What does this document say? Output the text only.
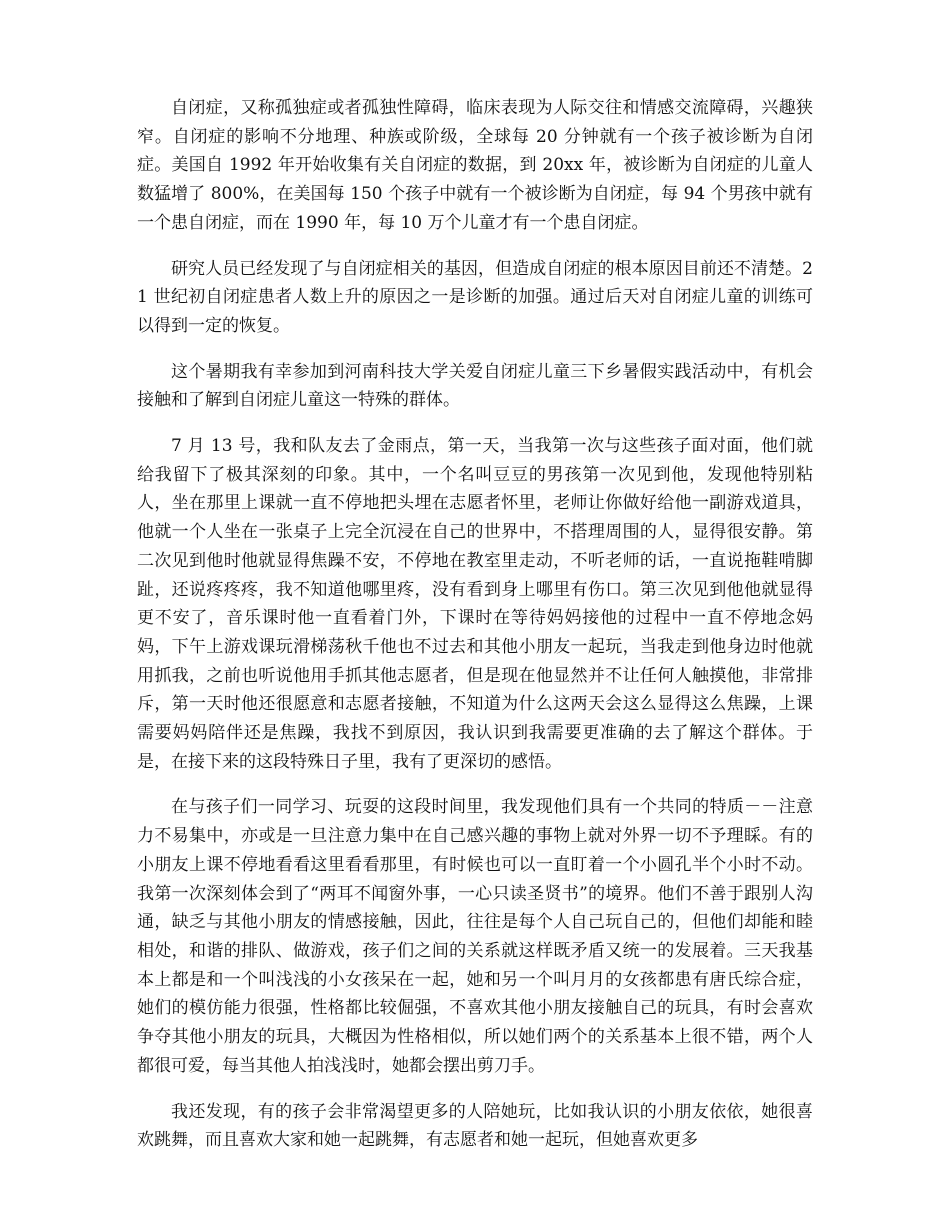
自闭症，又称孤独症或者孤独性障碍，临床表现为人际交往和情感交流障碍，兴趣狭窄。自闭症的影响不分地理、种族或阶级，全球每 20 分钟就有一个孩子被诊断为自闭症。美国自 1992 年开始收集有关自闭症的数据，到 20xx 年，被诊断为自闭症的儿童人数猛增了 800%，在美国每 150 个孩子中就有一个被诊断为自闭症，每 94 个男孩中就有一个患自闭症，而在 1990 年，每 10 万个儿童才有一个患自闭症。

研究人员已经发现了与自闭症相关的基因，但造成自闭症的根本原因目前还不清楚。21 世纪初自闭症患者人数上升的原因之一是诊断的加强。通过后天对自闭症儿童的训练可以得到一定的恢复。

这个暑期我有幸参加到河南科技大学关爱自闭症儿童三下乡暑假实践活动中，有机会接触和了解到自闭症儿童这一特殊的群体。

7 月 13 号，我和队友去了金雨点，第一天，当我第一次与这些孩子面对面，他们就给我留下了极其深刻的印象。其中，一个名叫豆豆的男孩第一次见到他，发现他特别粘人，坐在那里上课就一直不停地把头埋在志愿者怀里，老师让你做好给他一副游戏道具，他就一个人坐在一张桌子上完全沉浸在自己的世界中，不搭理周围的人，显得很安静。第二次见到他时他就显得焦躁不安，不停地在教室里走动，不听老师的话，一直说拖鞋啃脚趾，还说疼疼疼，我不知道他哪里疼，没有看到身上哪里有伤口。第三次见到他他就显得更不安了，音乐课时他一直看着门外，下课时在等待妈妈接他的过程中一直不停地念妈妈，下午上游戏课玩滑梯荡秋千他也不过去和其他小朋友一起玩，当我走到他身边时他就用抓我，之前也听说他用手抓其他志愿者，但是现在他显然并不让任何人触摸他，非常排斥，第一天时他还很愿意和志愿者接触，不知道为什么这两天会这么显得这么焦躁，上课需要妈妈陪伴还是焦躁，我找不到原因，我认识到我需要更准确的去了解这个群体。于是，在接下来的这段特殊日子里，我有了更深切的感悟。

在与孩子们一同学习、玩耍的这段时间里，我发现他们具有一个共同的特质－－注意力不易集中，亦或是一旦注意力集中在自己感兴趣的事物上就对外界一切不予理睬。有的小朋友上课不停地看看这里看看那里，有时候也可以一直盯着一个小圆孔半个小时不动。我第一次深刻体会到了“两耳不闻窗外事，一心只读圣贤书”的境界。他们不善于跟别人沟通，缺乏与其他小朋友的情感接触，因此，往往是每个人自己玩自己的，但他们却能和睦相处，和谐的排队、做游戏，孩子们之间的关系就这样既矛盾又统一的发展着。三天我基本上都是和一个叫浅浅的小女孩呆在一起，她和另一个叫月月的女孩都患有唐氏综合症，她们的模仿能力很强，性格都比较倔强，不喜欢其他小朋友接触自己的玩具，有时会喜欢争夺其他小朋友的玩具，大概因为性格相似，所以她们两个的关系基本上很不错，两个人都很可爱，每当其他人拍浅浅时，她都会摆出剪刀手。

我还发现，有的孩子会非常渴望更多的人陪她玩，比如我认识的小朋友依依，她很喜欢跳舞，而且喜欢大家和她一起跳舞，有志愿者和她一起玩，但她喜欢更多
